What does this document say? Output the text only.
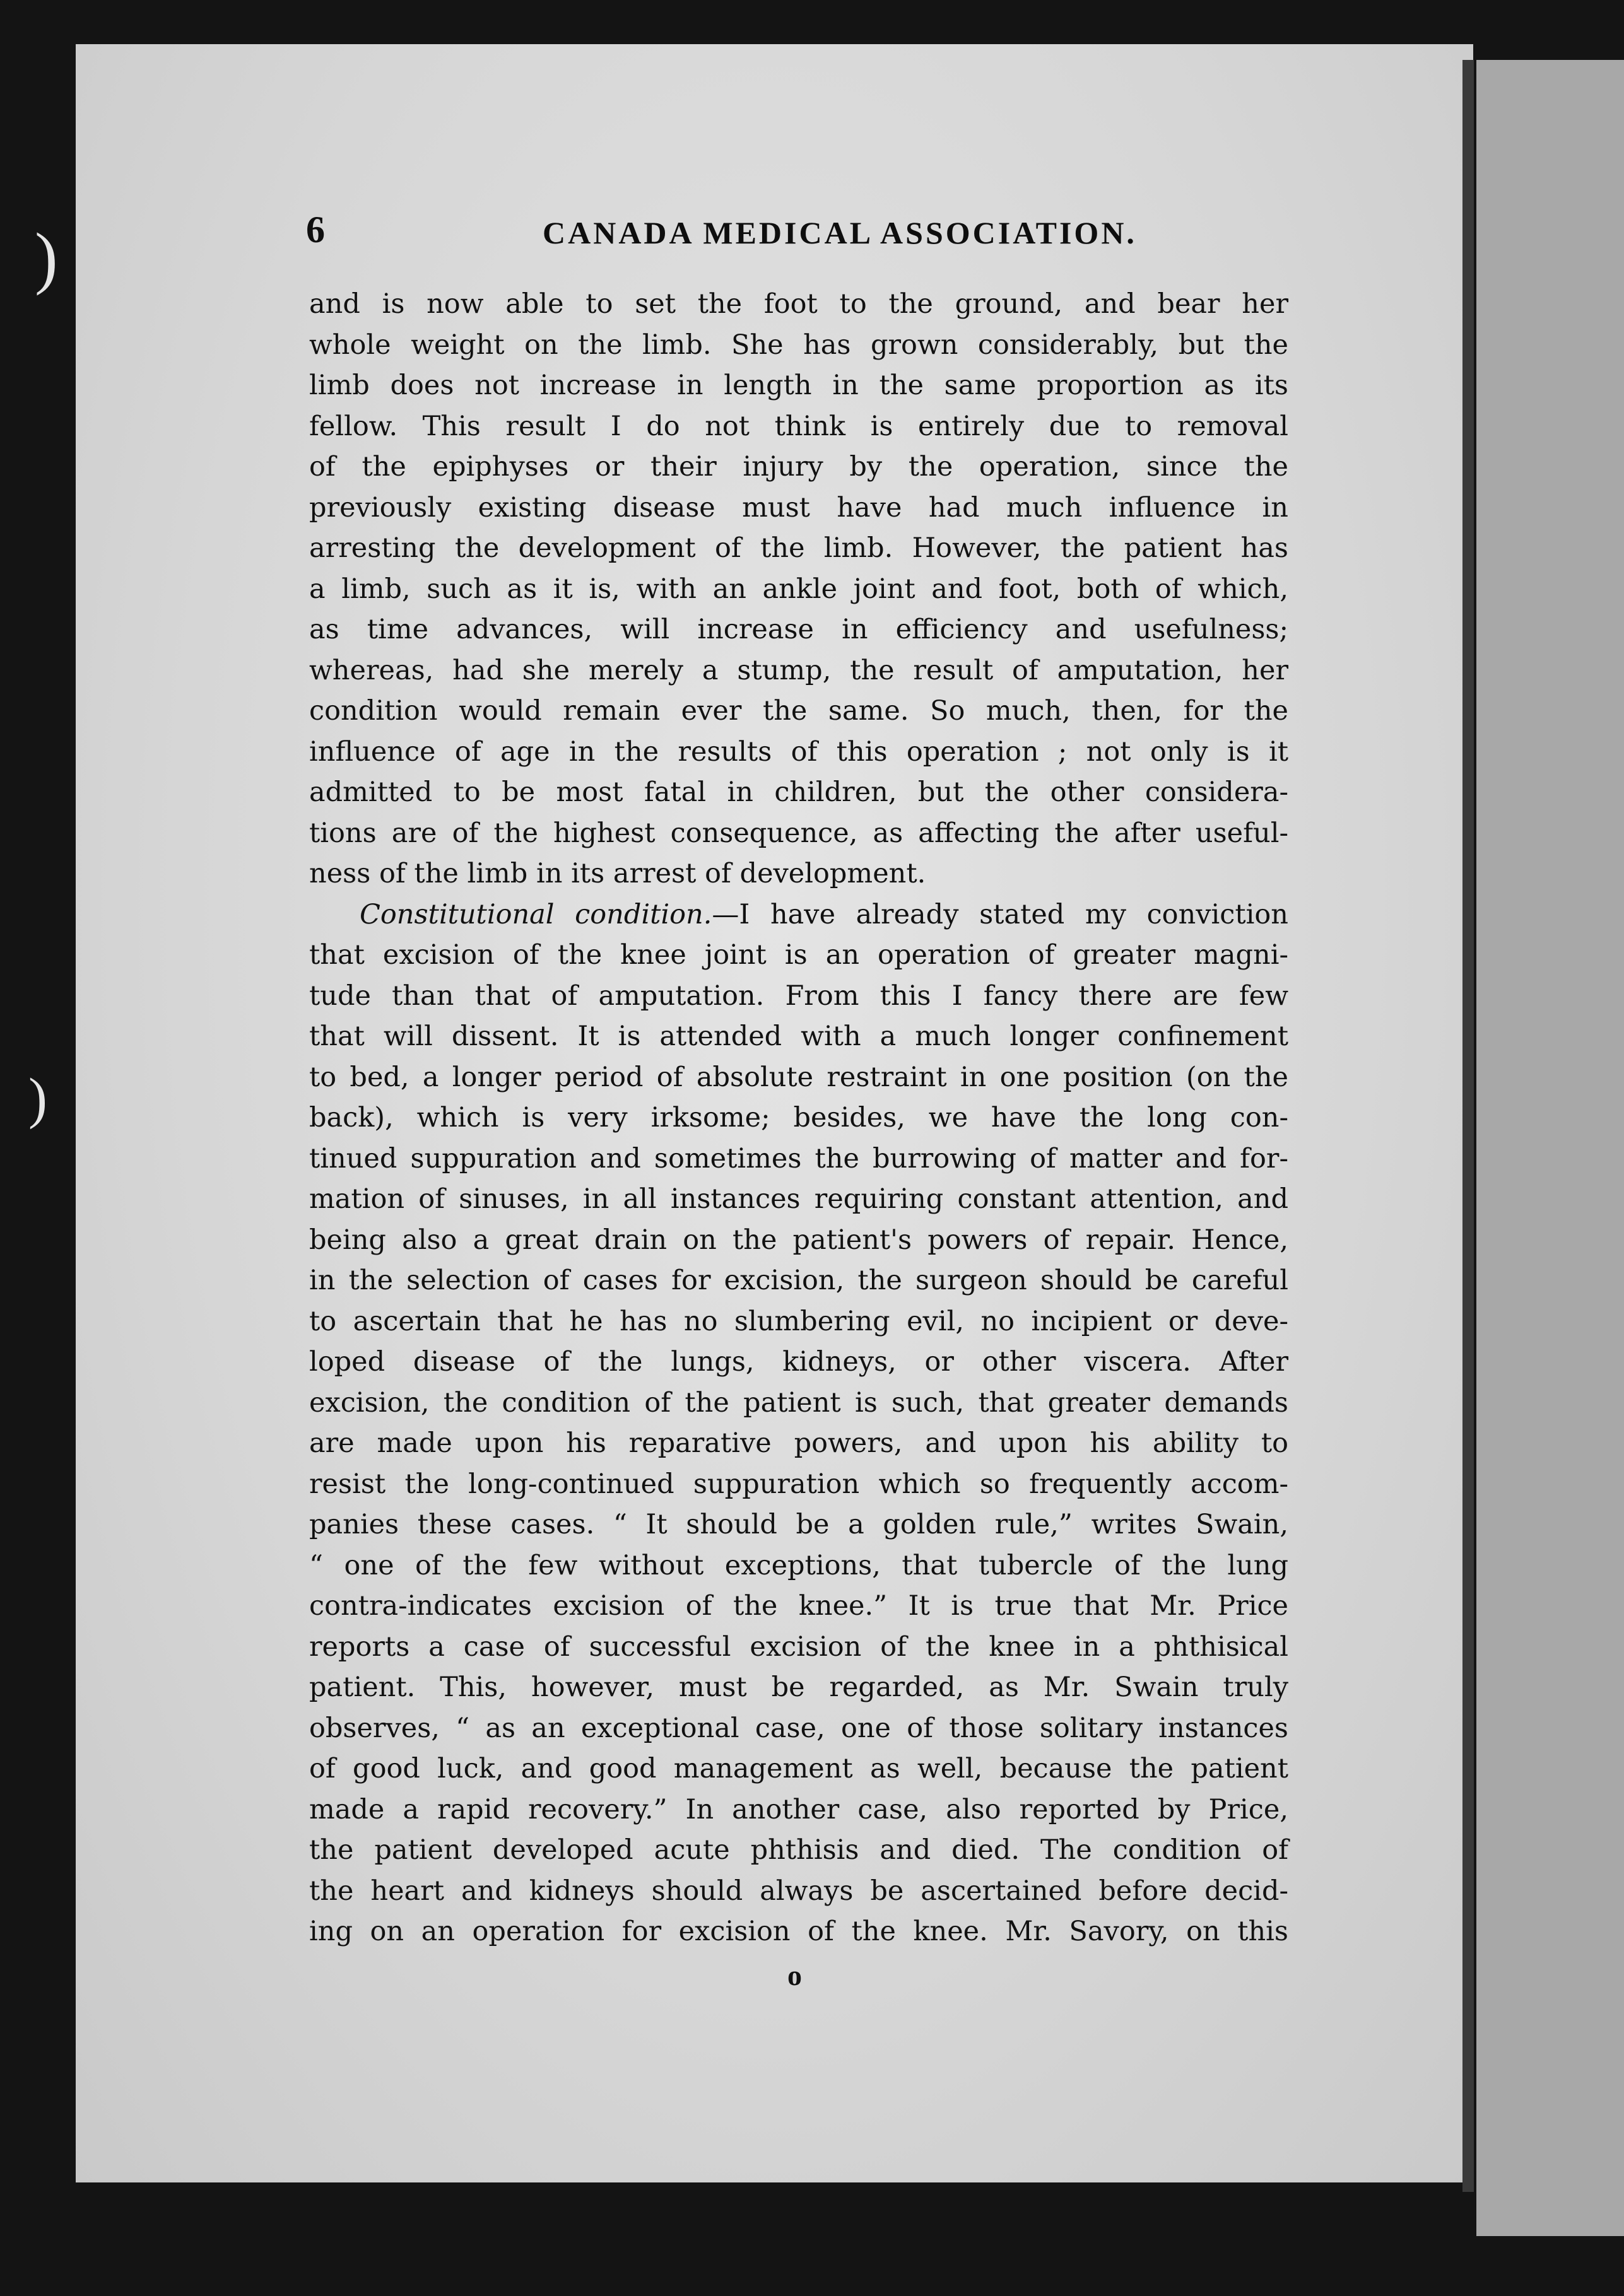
)
)
6	CANADA MEDICAL ASSOCIATION.
and is now able to set the foot to the ground, and bear her
whole weight on the limb. She has grown considerably, but the
limb does not increase in length in the same proportion as its
fellow. This result I do not think is entirely due to removal
of the epiphyses or their injury by the operation, since the
previously existing disease must have had much influence in
arresting the development of the limb. However, the patient has
a limb, such as it is, with an ankle joint and foot, both of which,
as time advances, will increase in efficiency and usefulness;
whereas, had she merely a stump, the result of amputation, her
condition would remain ever the same. So much, then, for the
influence of age in the results of this operation ; not only is it
admitted to be most fatal in children, but the other considera-
tions are of the highest consequence, as affecting the after useful-
ness of the limb in its arrest of development.
Constitutional condition.—I have already stated my conviction
that excision of the knee joint is an operation of greater magni-
tude than that of amputation. From this I fancy there are few
that will dissent. It is attended with a much longer confinement
to bed, a longer period of absolute restraint in one position (on the
back), which is very irksome; besides, we have the long con-
tinued suppuration and sometimes the burrowing of matter and for-
mation of sinuses, in all instances requiring constant attention, and
being also a great drain on the patient's powers of repair. Hence,
in the selection of cases for excision, the surgeon should be careful
to ascertain that he has no slumbering evil, no incipient or deve-
loped disease of the lungs, kidneys, or other viscera. After
excision, the condition of the patient is such, that greater demands
are made upon his reparative powers, and upon his ability to
resist the long-continued suppuration which so frequently accom-
panies these cases. “ It should be a golden rule,” writes Swain,
“ one of the few without exceptions, that tubercle of the lung
contra-indicates excision of the knee.” It is true that Mr. Price
reports a case of successful excision of the knee in a phthisical
patient. This, however, must be regarded, as Mr. Swain truly
observes, “ as an exceptional case, one of those solitary instances
of good luck, and good management as well, because the patient
made a rapid recovery.” In another case, also reported by Price,
the patient developed acute phthisis and died. The condition of
the heart and kidneys should always be ascertained before decid-
ing on an operation for excision of the knee. Mr. Savory, on this
o
